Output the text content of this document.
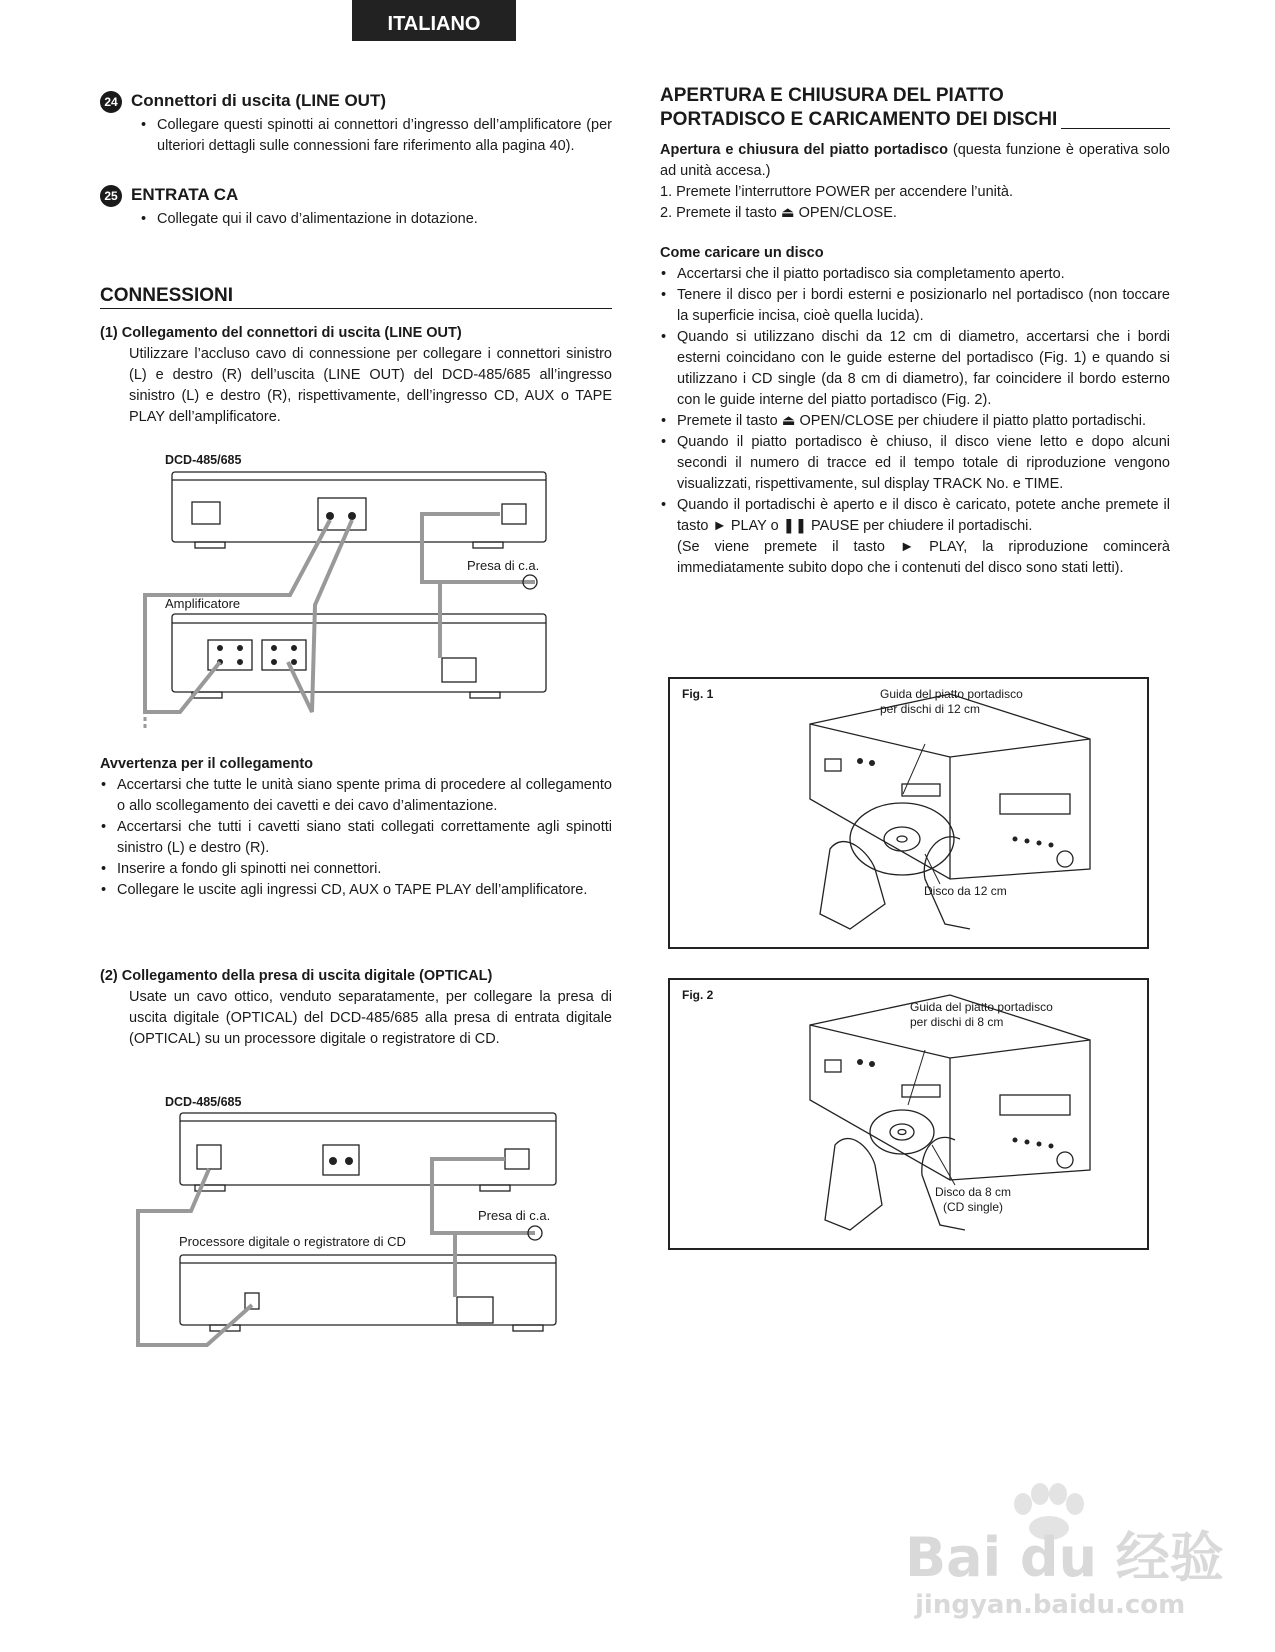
ITALIANO
24 Connettori di uscita (LINE OUT)
• Collegare questi spinotti ai connettori d’ingresso dell’amplificatore (per ulteriori dettagli sulle connessioni fare riferimento alla pagina 40).
25 ENTRATA CA
• Collegate qui il cavo d’alimentazione in dotazione.
CONNESSIONI
(1) Collegamento del connettori di uscita (LINE OUT)
Utilizzare l’accluso cavo di connessione per collegare i connettori sinistro (L) e destro (R) dell’uscita (LINE OUT) del DCD-485/685 all’ingresso sinistro (L) e destro (R), rispettivamente, dell’ingresso CD, AUX o TAPE PLAY dell’amplificatore.
DCD-485/685
Amplificatore
Presa di c.a.
Avvertenza per il collegamento
• Accertarsi che tutte le unità siano spente prima di procedere al collegamento o allo scollegamento dei cavetti e dei cavo d’alimentazione.
• Accertarsi che tutti i cavetti siano stati collegati correttamente agli spinotti sinistro (L) e destro (R).
• Inserire a fondo gli spinotti nei connettori.
• Collegare le uscite agli ingressi CD, AUX o TAPE PLAY dell’amplificatore.
(2) Collegamento della presa di uscita digitale (OPTICAL)
Usate un cavo ottico, venduto separatamente, per collegare la presa di uscita digitale (OPTICAL) del DCD-485/685 alla presa di entrata digitale (OPTICAL) su un processore digitale o registratore di CD.
DCD-485/685
Processore digitale o registratore di CD
Presa di c.a.
APERTURA E CHIUSURA DEL PIATTO
PORTADISCO E CARICAMENTO DEI DISCHI
Apertura e chiusura del piatto portadisco (questa funzione è operativa solo ad unità accesa.)
1. Premete l’interruttore POWER per accendere l’unità.
2. Premete il tasto ⏏ OPEN/CLOSE.
Come caricare un disco
• Accertarsi che il piatto portadisco sia completamento aperto.
• Tenere il disco per i bordi esterni e posizionarlo nel portadisco (non toccare la superficie incisa, cioè quella lucida).
• Quando si utilizzano dischi da 12 cm di diametro, accertarsi che i bordi esterni coincidano con le guide esterne del portadisco (Fig. 1) e quando si utilizzano i CD single (da 8 cm di diametro), far coincidere il bordo esterno con le guide interne del piatto portadisco (Fig. 2).
• Premete il tasto ⏏ OPEN/CLOSE per chiudere il piatto platto portadischi.
• Quando il piatto portadisco è chiuso, il disco viene letto e dopo alcuni secondi il numero di tracce ed il tempo totale di riproduzione vengono visualizzati, rispettivamente, sul display TRACK No. e TIME.
• Quando il portadischi è aperto e il disco è caricato, potete anche premete il tasto ► PLAY o ❚❚ PAUSE per chiudere il portadischi.
(Se viene premete il tasto ► PLAY, la riproduzione comincerà immediatamente subito dopo che i contenuti del disco sono stati letti).
Fig. 1	Guida del piatto portadisco
per dischi di 12 cm
Disco da 12 cm
Fig. 2
Guida del piatto portadisco
per dischi di 8 cm
Disco da 8 cm
(CD single)
Bai du 经验
jingyan.baidu.com
